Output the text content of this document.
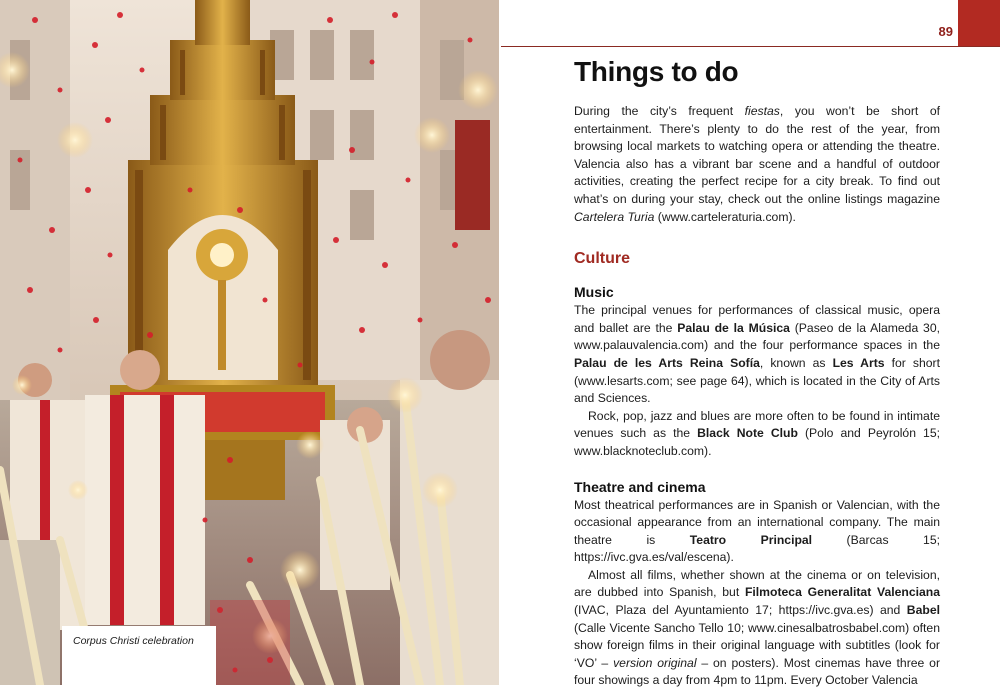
Corpus Christi celebration
89
Things to do

During the city’s frequent fiestas, you won’t be short of entertainment. There’s plenty to do the rest of the year, from browsing local markets to watching opera or attending the theatre. Valencia also has a vibrant bar scene and a handful of outdoor activities, creating the perfect recipe for a city break. To find out what’s on during your stay, check out the online listings magazine Cartelera Turia (www.carteleraturia.com).

Culture
Music

The principal venues for performances of classical music, opera and ballet are the Palau de la Música (Paseo de la Alameda 30, www.palauvalencia.com) and the four performance spaces in the Palau de les Arts Reina Sofía, known as Les Arts for short (www.lesarts.com; see page 64), which is located in the City of Arts and Sciences.

Rock, pop, jazz and blues are more often to be found in intimate venues such as the Black Note Club (Polo and Peyrolón 15; www.blacknoteclub.com).

Theatre and cinema

Most theatrical performances are in Spanish or Valencian, with the occasional appearance from an international company. The main theatre is Teatro Principal (Barcas 15; https://ivc.gva.es/val/escena).

Almost all films, whether shown at the cinema or on television, are dubbed into Spanish, but Filmoteca Generalitat Valenciana (IVAC, Plaza del Ayuntamiento 17; https://ivc.gva.es) and Babel (Calle Vicente Sancho Tello 10; www.cinesalbatrosbabel.com) often show foreign films in their original language with subtitles (look for ‘VO’ – version original – on posters). Most cinemas have three or four showings a day from 4pm to 11pm. Every October Valencia
